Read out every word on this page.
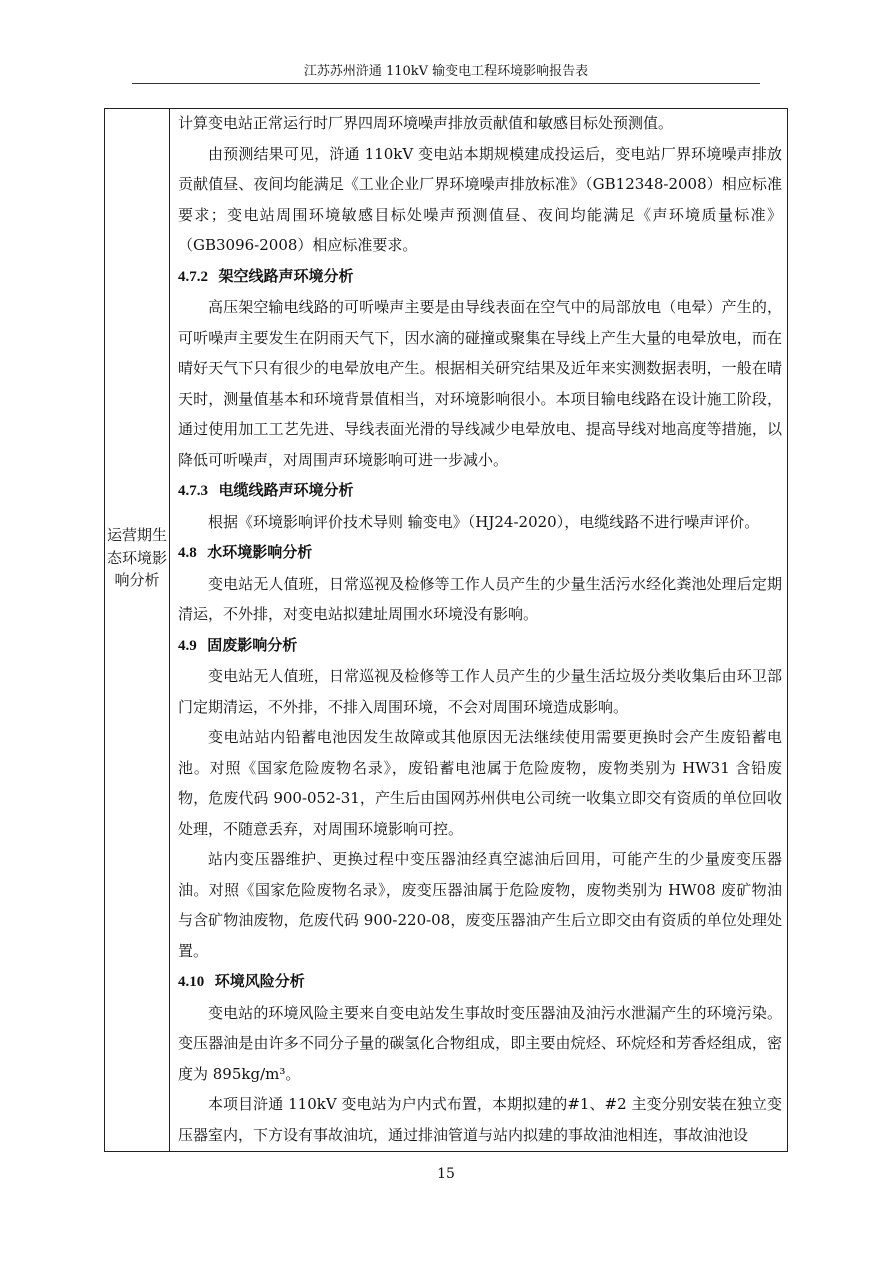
江苏苏州浒通 110kV 输变电工程环境影响报告表
运营期生态环境影响分析

计算变电站正常运行时厂界四周环境噪声排放贡献值和敏感目标处预测值。

由预测结果可见，浒通 110kV 变电站本期规模建成投运后，变电站厂界环境噪声排放贡献值昼、夜间均能满足《工业企业厂界环境噪声排放标准》（GB12348-2008）相应标准要求；变电站周围环境敏感目标处噪声预测值昼、夜间均能满足《声环境质量标准》（GB3096-2008）相应标准要求。

4.7.2 架空线路声环境分析

高压架空输电线路的可听噪声主要是由导线表面在空气中的局部放电（电晕）产生的，可听噪声主要发生在阴雨天气下，因水滴的碰撞或聚集在导线上产生大量的电晕放电，而在晴好天气下只有很少的电晕放电产生。根据相关研究结果及近年来实测数据表明，一般在晴天时，测量值基本和环境背景值相当，对环境影响很小。本项目输电线路在设计施工阶段，通过使用加工工艺先进、导线表面光滑的导线减少电晕放电、提高导线对地高度等措施，以降低可听噪声，对周围声环境影响可进一步减小。

4.7.3 电缆线路声环境分析

根据《环境影响评价技术导则 输变电》（HJ24-2020），电缆线路不进行噪声评价。

4.8 水环境影响分析

变电站无人值班，日常巡视及检修等工作人员产生的少量生活污水经化粪池处理后定期清运，不外排，对变电站拟建址周围水环境没有影响。

4.9 固废影响分析

变电站无人值班，日常巡视及检修等工作人员产生的少量生活垃圾分类收集后由环卫部门定期清运，不外排，不排入周围环境，不会对周围环境造成影响。

变电站站内铅蓄电池因发生故障或其他原因无法继续使用需要更换时会产生废铅蓄电池。对照《国家危险废物名录》，废铅蓄电池属于危险废物，废物类别为 HW31 含铅废物，危废代码 900-052-31，产生后由国网苏州供电公司统一收集立即交有资质的单位回收处理，不随意丢弃，对周围环境影响可控。

站内变压器维护、更换过程中变压器油经真空滤油后回用，可能产生的少量废变压器油。对照《国家危险废物名录》，废变压器油属于危险废物，废物类别为 HW08 废矿物油与含矿物油废物，危废代码 900-220-08，废变压器油产生后立即交由有资质的单位处理处置。

4.10 环境风险分析

变电站的环境风险主要来自变电站发生事故时变压器油及油污水泄漏产生的环境污染。变压器油是由许多不同分子量的碳氢化合物组成，即主要由烷烃、环烷烃和芳香烃组成，密度为 895kg/m³。

本项目浒通 110kV 变电站为户内式布置，本期拟建的#1、#2 主变分别安装在独立变压器室内，下方设有事故油坑，通过排油管道与站内拟建的事故油池相连，事故油池设

15
